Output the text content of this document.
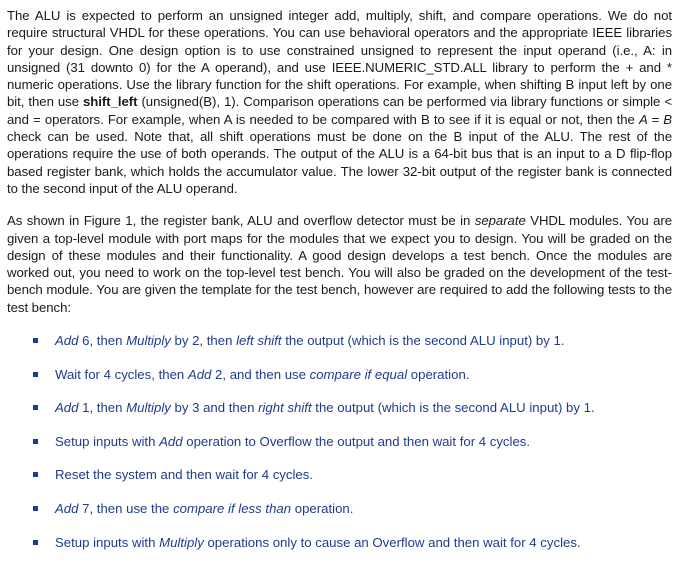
The ALU is expected to perform an unsigned integer add, multiply, shift, and compare operations. We do not require structural VHDL for these operations. You can use behavioral operators and the appropriate IEEE libraries for your design. One design option is to use constrained unsigned to represent the input operand (i.e., A: in unsigned (31 downto 0) for the A operand), and use IEEE.NUMERIC_STD.ALL library to perform the + and * numeric operations. Use the library function for the shift operations. For example, when shifting B input left by one bit, then use shift_left (unsigned(B), 1). Comparison operations can be performed via library functions or simple < and = operators. For example, when A is needed to be compared with B to see if it is equal or not, then the A = B check can be used. Note that, all shift operations must be done on the B input of the ALU. The rest of the operations require the use of both operands. The output of the ALU is a 64-bit bus that is an input to a D flip-flop based register bank, which holds the accumulator value. The lower 32-bit output of the register bank is connected to the second input of the ALU operand.

As shown in Figure 1, the register bank, ALU and overflow detector must be in separate VHDL modules. You are given a top-level module with port maps for the modules that we expect you to design. You will be graded on the design of these modules and their functionality. A good design develops a test bench. Once the modules are worked out, you need to work on the top-level test bench. You will also be graded on the development of the test-bench module. You are given the template for the test bench, however are required to add the following tests to the test bench:

Add 6, then Multiply by 2, then left shift the output (which is the second ALU input) by 1.
Wait for 4 cycles, then Add 2, and then use compare if equal operation.
Add 1, then Multiply by 3 and then right shift the output (which is the second ALU input) by 1.
Setup inputs with Add operation to Overflow the output and then wait for 4 cycles.
Reset the system and then wait for 4 cycles.
Add 7, then use the compare if less than operation.
Setup inputs with Multiply operations only to cause an Overflow and then wait for 4 cycles.
